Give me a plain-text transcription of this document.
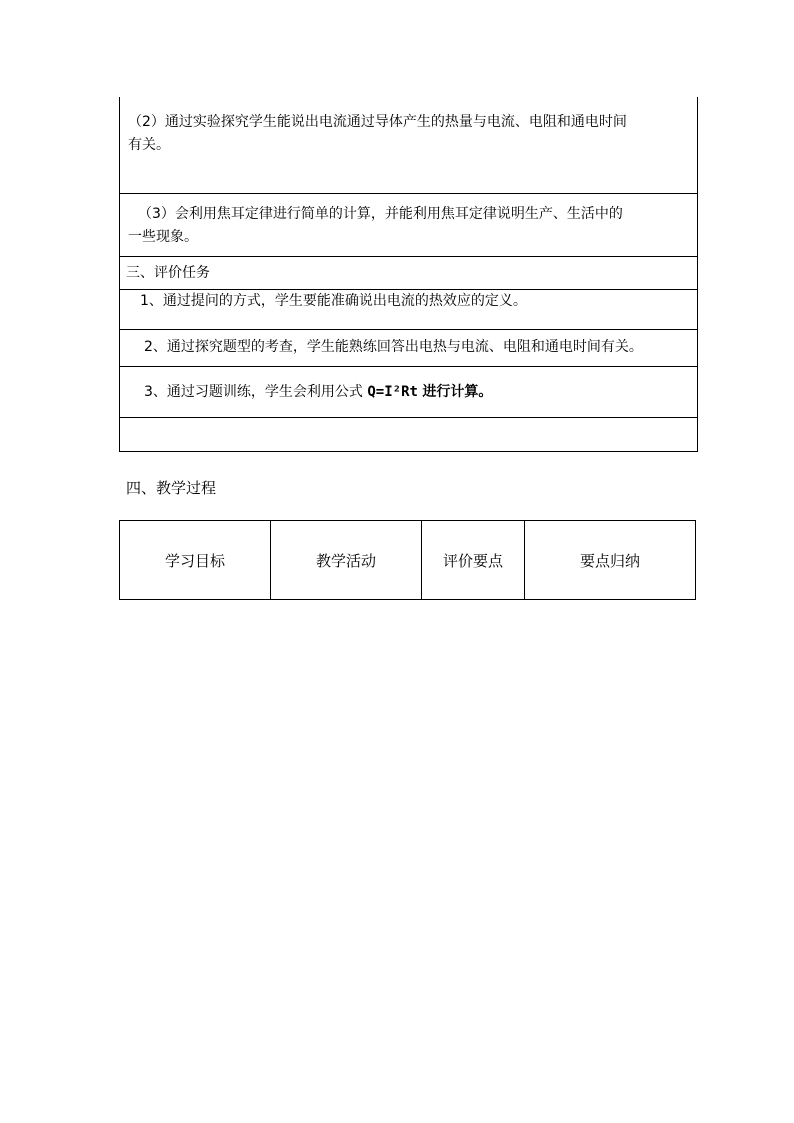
（2）通过实验探究学生能说出电流通过导体产生的热量与电流、电阻和通电时间
有关。
（3）会利用焦耳定律进行简单的计算，并能利用焦耳定律说明生产、生活中的
一些现象。
三、评价任务
1、通过提问的方式，学生要能准确说出电流的热效应的定义。
2、通过探究题型的考查，学生能熟练回答出电热与电流、电阻和通电时间有关。
3、通过习题训练，学生会利用公式 Q=I²Rt 进行计算。
四、教学过程
学习目标	教学活动	评价要点	要点归纳
